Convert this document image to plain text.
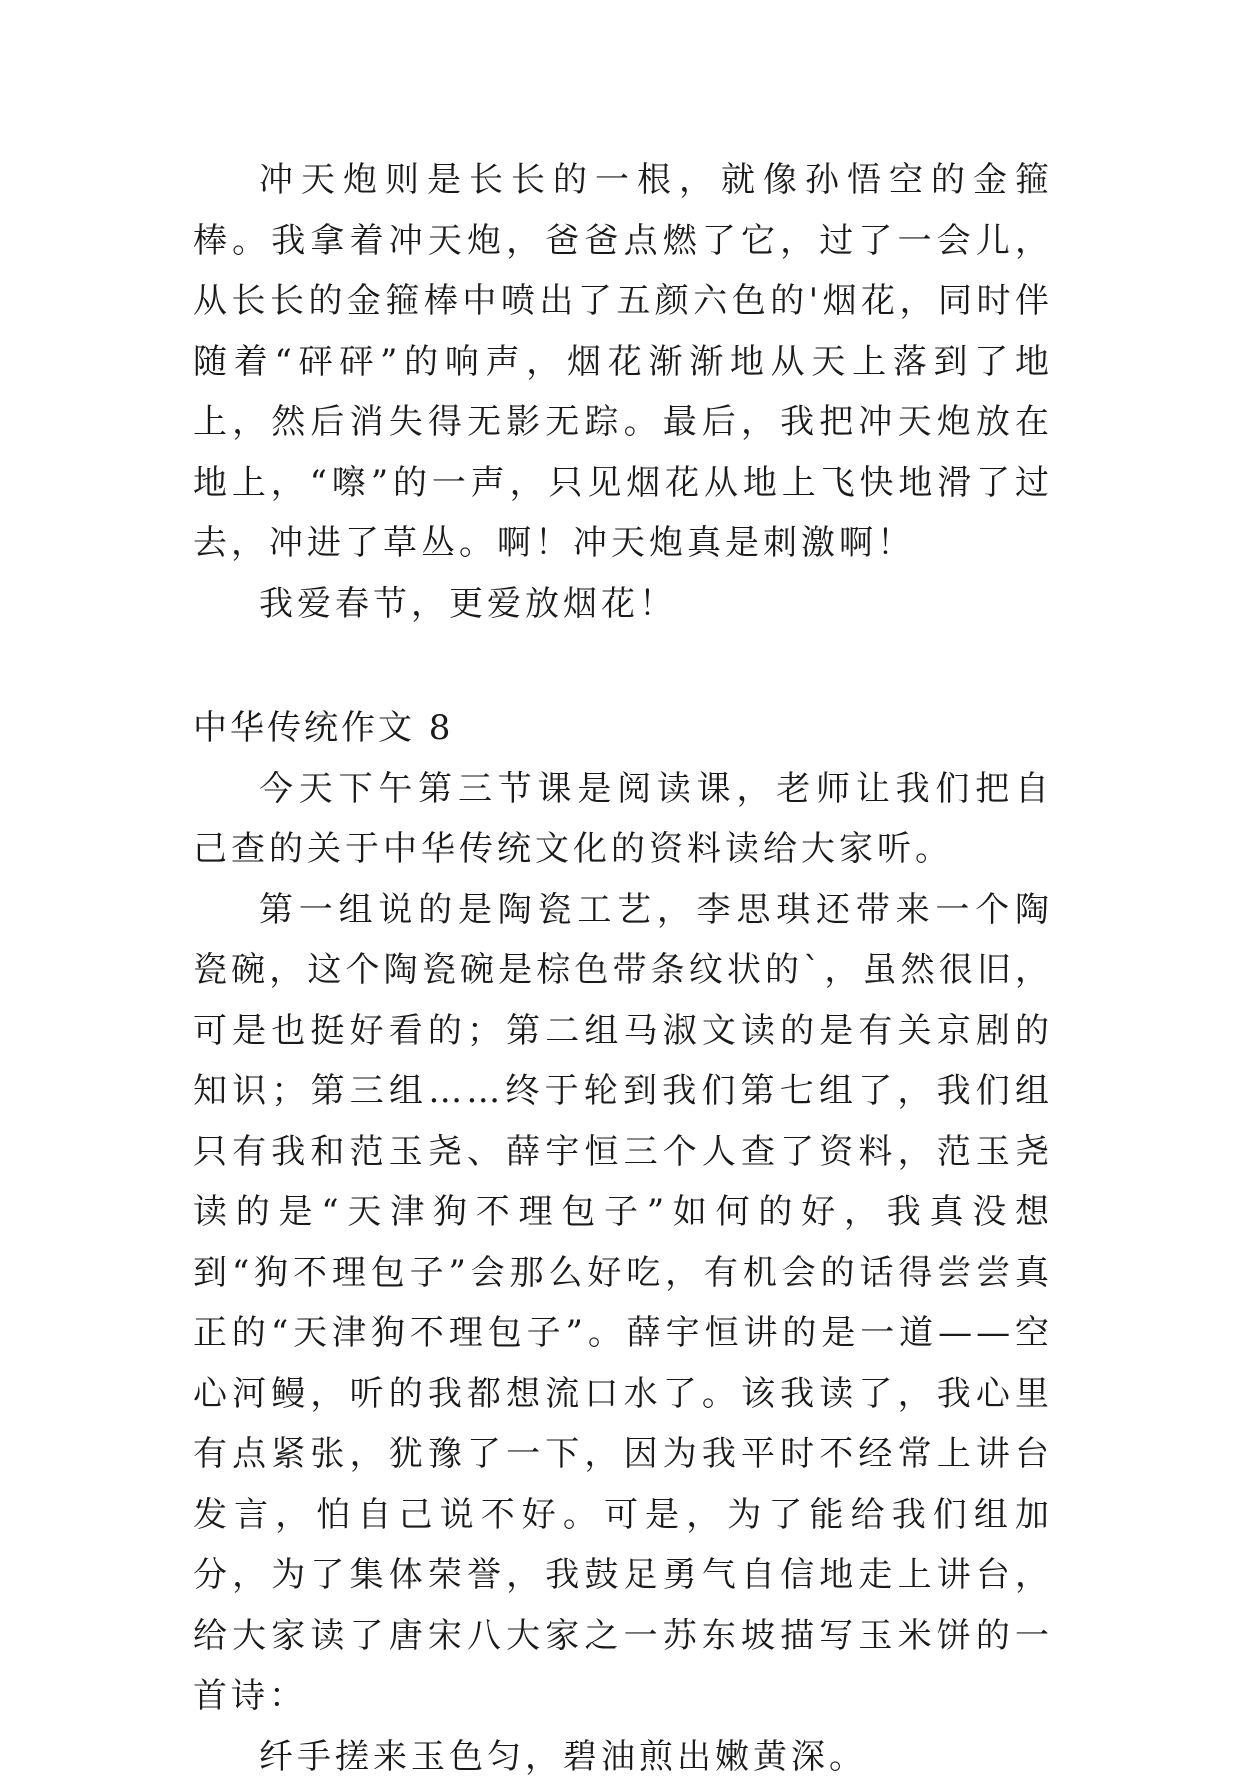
冲天炮则是长长的一根，就像孙悟空的金箍棒。我拿着冲天炮，爸爸点燃了它，过了一会儿，从长长的金箍棒中喷出了五颜六色的'烟花，同时伴随着“砰砰”的响声，烟花渐渐地从天上落到了地上，然后消失得无影无踪。最后，我把冲天炮放在地上，“嚓”的一声，只见烟花从地上飞快地滑了过去，冲进了草丛。啊！冲天炮真是刺激啊！

我爱春节，更爱放烟花！

中华传统作文 8

今天下午第三节课是阅读课，老师让我们把自己查的关于中华传统文化的资料读给大家听。

第一组说的是陶瓷工艺，李思琪还带来一个陶瓷碗，这个陶瓷碗是棕色带条纹状的`，虽然很旧，可是也挺好看的；第二组马淑文读的是有关京剧的知识；第三组……终于轮到我们第七组了，我们组只有我和范玉尧、薛宇恒三个人查了资料，范玉尧读的是“天津狗不理包子”如何的好，我真没想到“狗不理包子”会那么好吃，有机会的话得尝尝真正的“天津狗不理包子”。薛宇恒讲的是一道——空心河鳗，听的我都想流口水了。该我读了，我心里有点紧张，犹豫了一下，因为我平时不经常上讲台发言，怕自己说不好。可是，为了能给我们组加分，为了集体荣誉，我鼓足勇气自信地走上讲台，给大家读了唐宋八大家之一苏东坡描写玉米饼的一首诗：

纤手搓来玉色匀，碧油煎出嫩黄深。
